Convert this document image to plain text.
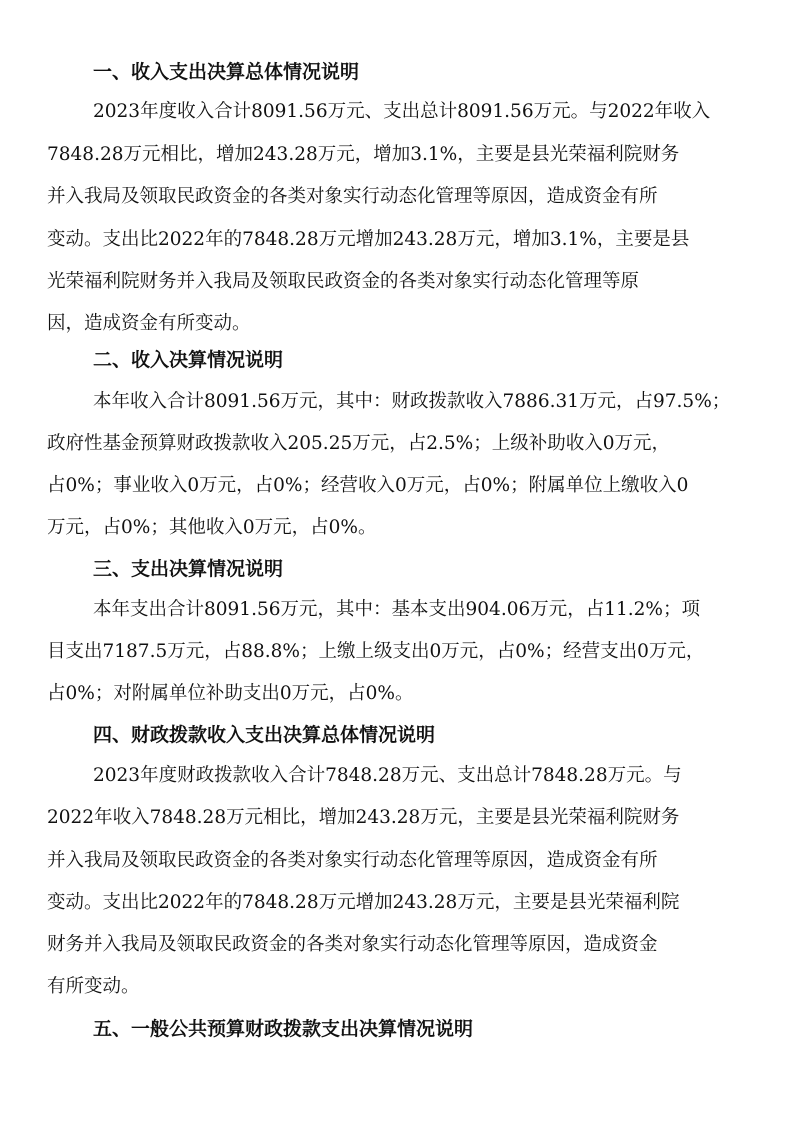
一、收入支出决算总体情况说明
2023年度收入合计8091.56万元、支出总计8091.56万元。与2022年收入
7848.28万元相比，增加243.28万元，增加3.1%，主要是县光荣福利院财务
并入我局及领取民政资金的各类对象实行动态化管理等原因，造成资金有所
变动。支出比2022年的7848.28万元增加243.28万元，增加3.1%，主要是县
光荣福利院财务并入我局及领取民政资金的各类对象实行动态化管理等原
因，造成资金有所变动。
二、收入决算情况说明
本年收入合计8091.56万元，其中：财政拨款收入7886.31万元，占97.5%；
政府性基金预算财政拨款收入205.25万元，占2.5%；上级补助收入0万元，
占0%；事业收入0万元，占0%；经营收入0万元，占0%；附属单位上缴收入0
万元，占0%；其他收入0万元，占0%。
三、支出决算情况说明
本年支出合计8091.56万元，其中：基本支出904.06万元，占11.2%；项
目支出7187.5万元，占88.8%；上缴上级支出0万元，占0%；经营支出0万元，
占0%；对附属单位补助支出0万元，占0%。
四、财政拨款收入支出决算总体情况说明
2023年度财政拨款收入合计7848.28万元、支出总计7848.28万元。与
2022年收入7848.28万元相比，增加243.28万元，主要是县光荣福利院财务
并入我局及领取民政资金的各类对象实行动态化管理等原因，造成资金有所
变动。支出比2022年的7848.28万元增加243.28万元，主要是县光荣福利院
财务并入我局及领取民政资金的各类对象实行动态化管理等原因，造成资金
有所变动。
五、一般公共预算财政拨款支出决算情况说明
